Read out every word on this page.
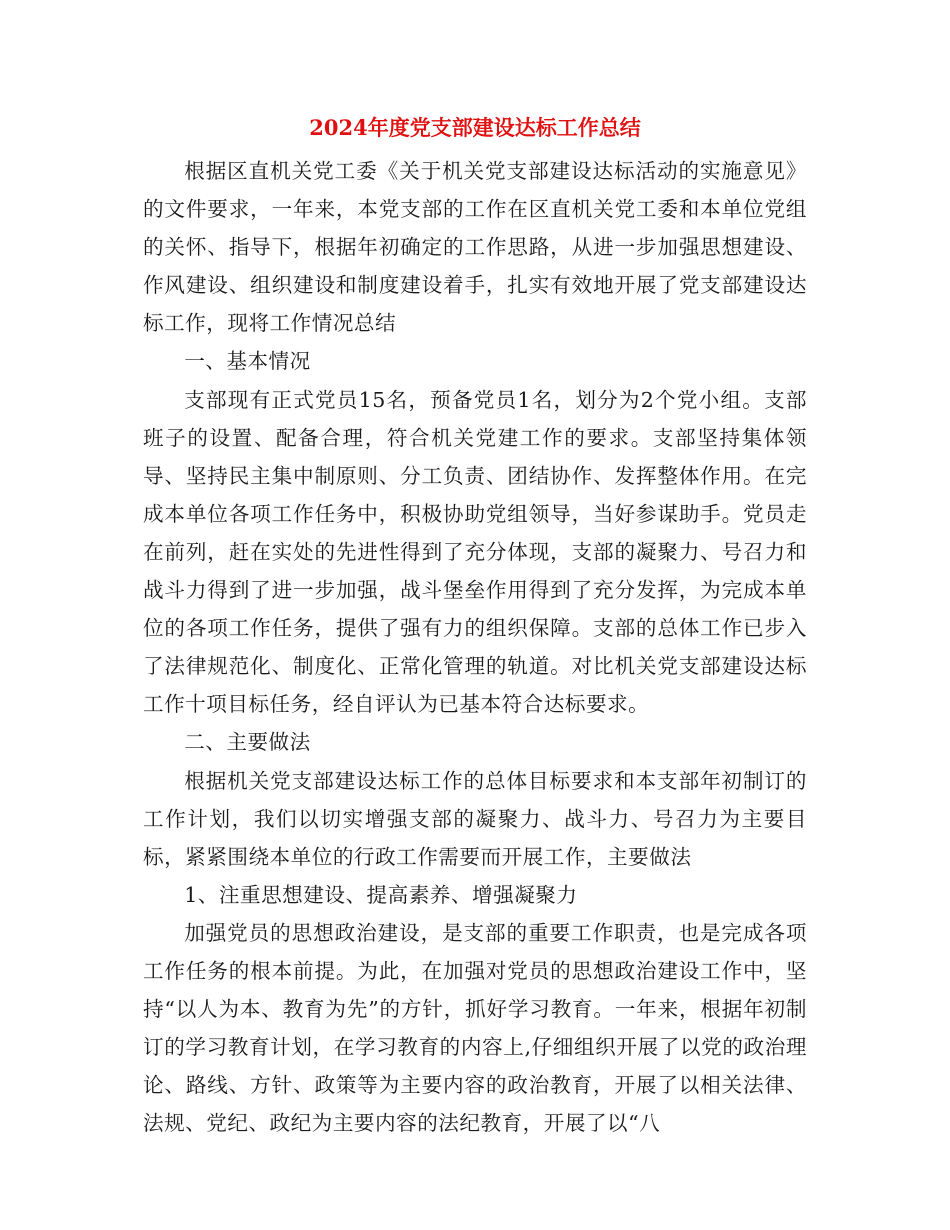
2024年度党支部建设达标工作总结

根据区直机关党工委《关于机关党支部建设达标活动的实施意见》的文件要求，一年来，本党支部的工作在区直机关党工委和本单位党组的关怀、指导下，根据年初确定的工作思路，从进一步加强思想建设、作风建设、组织建设和制度建设着手，扎实有效地开展了党支部建设达标工作，现将工作情况总结

一、基本情况

支部现有正式党员15名，预备党员1名，划分为2个党小组。支部班子的设置、配备合理，符合机关党建工作的要求。支部坚持集体领导、坚持民主集中制原则、分工负责、团结协作、发挥整体作用。在完成本单位各项工作任务中，积极协助党组领导，当好参谋助手。党员走在前列，赶在实处的先进性得到了充分体现，支部的凝聚力、号召力和战斗力得到了进一步加强，战斗堡垒作用得到了充分发挥，为完成本单位的各项工作任务，提供了强有力的组织保障。支部的总体工作已步入了法律规范化、制度化、正常化管理的轨道。对比机关党支部建设达标工作十项目标任务，经自评认为已基本符合达标要求。

二、主要做法

根据机关党支部建设达标工作的总体目标要求和本支部年初制订的工作计划，我们以切实增强支部的凝聚力、战斗力、号召力为主要目标，紧紧围绕本单位的行政工作需要而开展工作，主要做法

1、注重思想建设、提高素养、增强凝聚力

加强党员的思想政治建设，是支部的重要工作职责，也是完成各项工作任务的根本前提。为此，在加强对党员的思想政治建设工作中，坚持“以人为本、教育为先”的方针，抓好学习教育。一年来，根据年初制订的学习教育计划，在学习教育的内容上,仔细组织开展了以党的政治理论、路线、方针、政策等为主要内容的政治教育，开展了以相关法律、法规、党纪、政纪为主要内容的法纪教育，开展了以“八
